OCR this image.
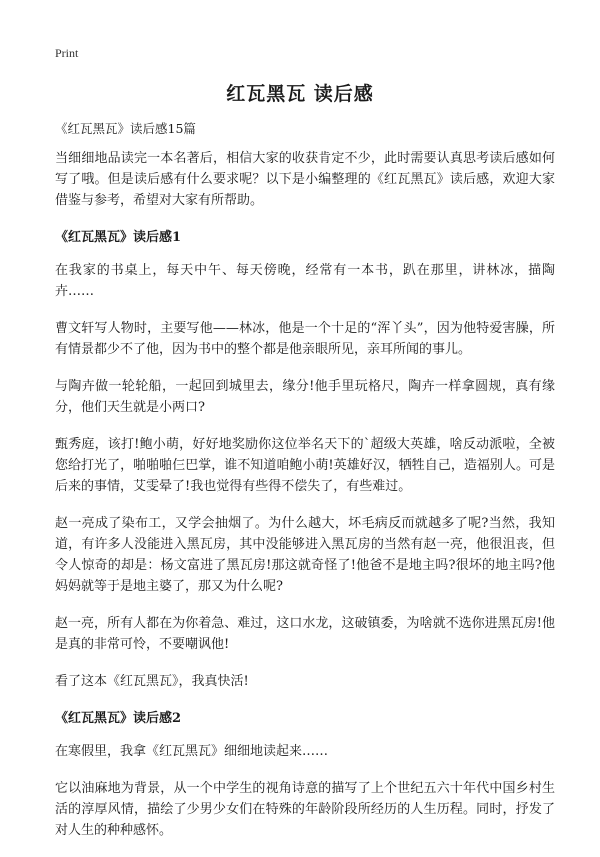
Print
红瓦黑瓦 读后感

《红瓦黑瓦》读后感15篇

当细细地品读完一本名著后，相信大家的收获肯定不少，此时需要认真思考读后感如何写了哦。但是读后感有什么要求呢？以下是小编整理的《红瓦黑瓦》读后感，欢迎大家借鉴与参考，希望对大家有所帮助。

《红瓦黑瓦》读后感1

在我家的书桌上，每天中午、每天傍晚，经常有一本书，趴在那里，讲林冰，描陶卉……

曹文轩写人物时，主要写他——林冰，他是一个十足的“浑丫头”，因为他特爱害臊，所有情景都少不了他，因为书中的整个都是他亲眼所见，亲耳所闻的事儿。

与陶卉做一轮轮船，一起回到城里去，缘分!他手里玩格尺，陶卉一样拿圆规，真有缘分，他们天生就是小两口?

甄秀庭，该打!鲍小萌，好好地奖励你这位举名天下的`超级大英雄，啥反动派啦，全被您给打光了，啪啪啪仨巴掌，谁不知道咱鲍小萌!英雄好汉，牺牲自己，造福别人。可是后来的事情，艾雯晕了!我也觉得有些得不偿失了，有些难过。

赵一亮成了染布工，又学会抽烟了。为什么越大，坏毛病反而就越多了呢?当然，我知道，有许多人没能进入黑瓦房，其中没能够进入黑瓦房的当然有赵一亮，他很沮丧，但令人惊奇的却是：杨文富进了黑瓦房!那这就奇怪了!他爸不是地主吗?很坏的地主吗?他妈妈就等于是地主婆了，那又为什么呢?

赵一亮，所有人都在为你着急、难过，这口水龙，这破镇委，为啥就不选你进黑瓦房!他是真的非常可怜，不要嘲讽他!

看了这本《红瓦黑瓦》，我真快活!

《红瓦黑瓦》读后感2

在寒假里，我拿《红瓦黑瓦》细细地读起来……

它以油麻地为背景，从一个中学生的视角诗意的描写了上个世纪五六十年代中国乡村生活的淳厚风情，描绘了少男少女们在特殊的年龄阶段所经历的人生历程。同时，抒发了对人生的种种感怀。
